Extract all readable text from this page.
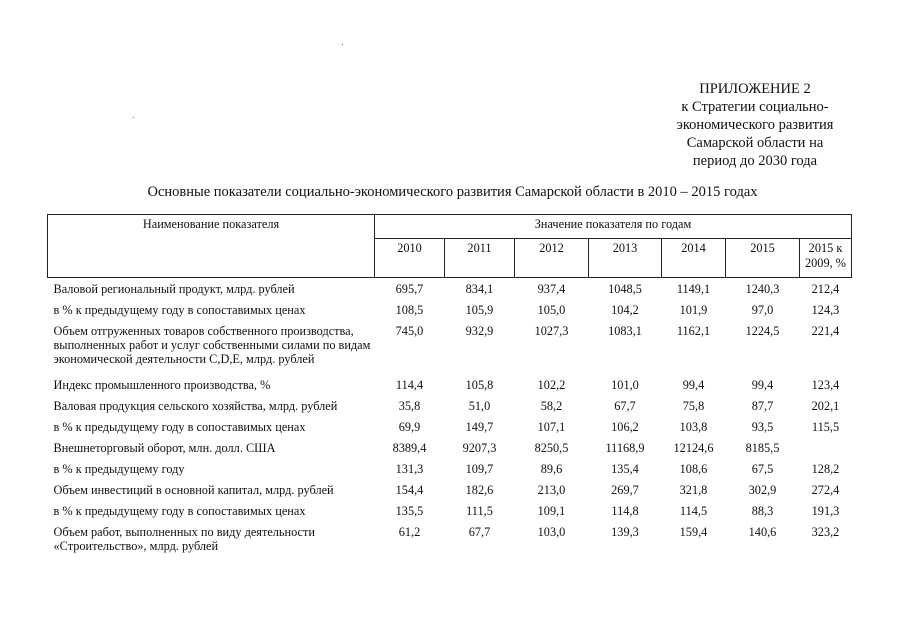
ПРИЛОЖЕНИЕ 2
к Стратегии социально-
экономического развития
Самарской области на
период до 2030 года
Основные показатели социально-экономического развития Самарской области в 2010 – 2015 годах
Наименование показателя	Значение показателя по годам						
	2010	2011	2012	2013	2014	2015	2015 к 2009, %
Валовой региональный продукт, млрд. рублей	695,7	834,1	937,4	1048,5	1149,1	1240,3	212,4
в % к предыдущему году в сопоставимых ценах	108,5	105,9	105,0	104,2	101,9	97,0	124,3
Объем отгруженных товаров собственного производства, выполненных работ и услуг собственными силами по видам экономической деятельности C,D,E, млрд. рублей	745,0	932,9	1027,3	1083,1	1162,1	1224,5	221,4
Индекс промышленного производства, %	114,4	105,8	102,2	101,0	99,4	99,4	123,4
Валовая продукция сельского хозяйства, млрд. рублей	35,8	51,0	58,2	67,7	75,8	87,7	202,1
в % к предыдущему году в сопоставимых ценах	69,9	149,7	107,1	106,2	103,8	93,5	115,5
Внешнеторговый оборот, млн. долл. США	8389,4	9207,3	8250,5	11168,9	12124,6	8185,5	
в % к предыдущему году	131,3	109,7	89,6	135,4	108,6	67,5	128,2
Объем инвестиций в основной капитал, млрд. рублей	154,4	182,6	213,0	269,7	321,8	302,9	272,4
в % к предыдущему году в сопоставимых ценах	135,5	111,5	109,1	114,8	114,5	88,3	191,3
Объем работ, выполненных по виду деятельности «Строительство», млрд. рублей	61,2	67,7	103,0	139,3	159,4	140,6	323,2
